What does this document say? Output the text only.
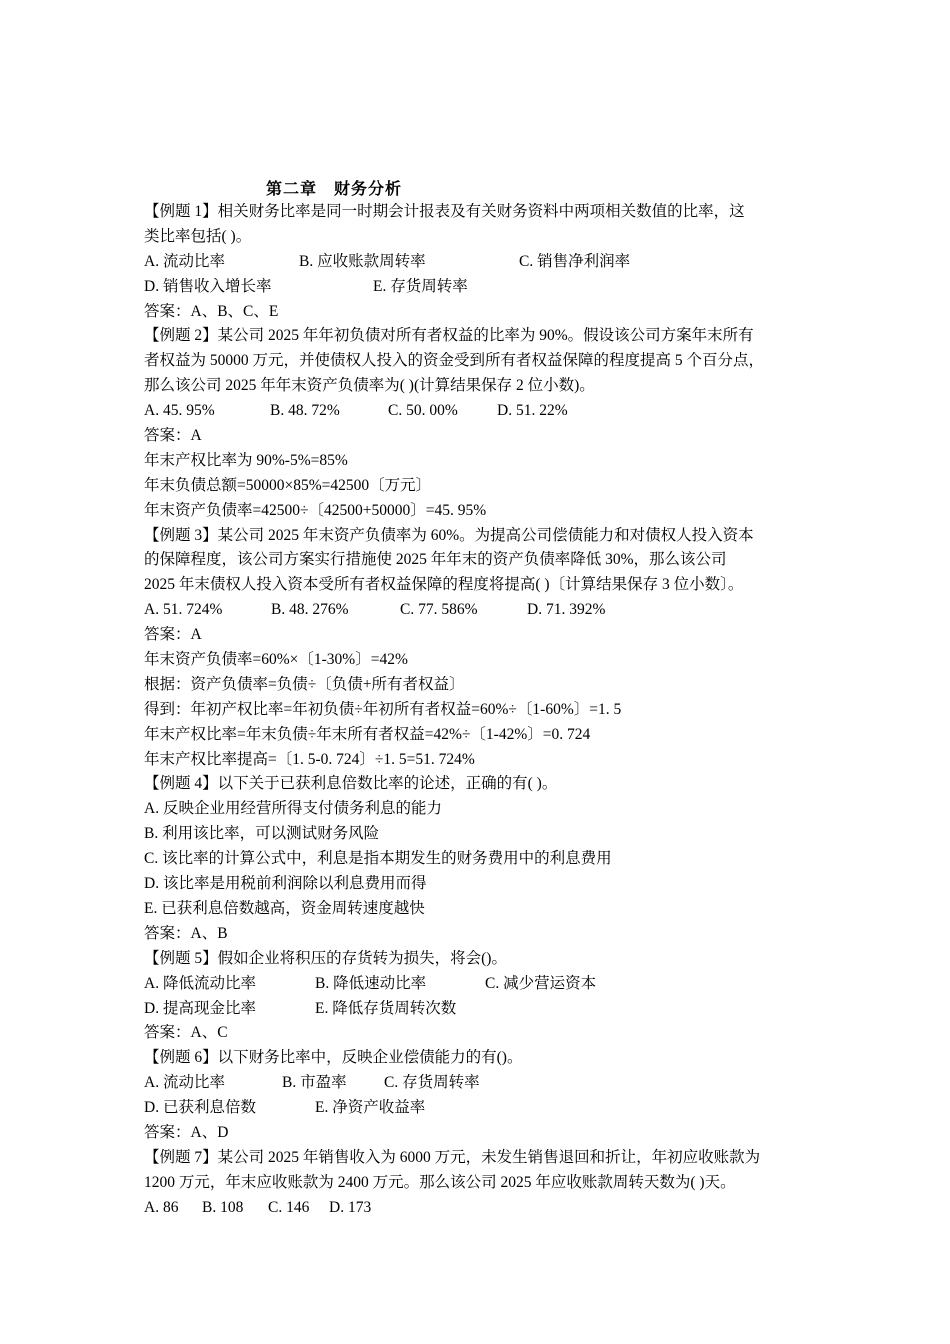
第二章　财务分析
【例题 1】相关财务比率是同一时期会计报表及有关财务资料中两项相关数值的比率，这
类比率包括( )。
A. 流动比率	B. 应收账款周转率	C. 销售净利润率
D. 销售收入增长率	E. 存货周转率
答案：A、B、C、E
【例题 2】某公司 2025 年年初负债对所有者权益的比率为 90%。假设该公司方案年末所有
者权益为 50000 万元，并使债权人投入的资金受到所有者权益保障的程度提高 5 个百分点，
那么该公司 2025 年年末资产负债率为( )(计算结果保存 2 位小数)。
A. 45. 95%	B. 48. 72%	C. 50. 00%	D. 51. 22%
答案：A
年末产权比率为 90%-5%=85%
年末负债总额=50000×85%=42500〔万元〕
年末资产负债率=42500÷〔42500+50000〕=45. 95%
【例题 3】某公司 2025 年末资产负债率为 60%。为提高公司偿债能力和对债权人投入资本
的保障程度，该公司方案实行措施使 2025 年年末的资产负债率降低 30%，那么该公司
2025 年末债权人投入资本受所有者权益保障的程度将提高( )〔计算结果保存 3 位小数〕。
A. 51. 724%	B. 48. 276%	C. 77. 586%	D. 71. 392%
答案：A
年末资产负债率=60%×〔1-30%〕=42%
根据：资产负债率=负债÷〔负债+所有者权益〕
得到：年初产权比率=年初负债÷年初所有者权益=60%÷〔1-60%〕=1. 5
年末产权比率=年末负债÷年末所有者权益=42%÷〔1-42%〕=0. 724
年末产权比率提高=〔1. 5-0. 724〕÷1. 5=51. 724%
【例题 4】以下关于已获利息倍数比率的论述，正确的有( )。
A. 反映企业用经营所得支付债务利息的能力
B. 利用该比率，可以测试财务风险
C. 该比率的计算公式中，利息是指本期发生的财务费用中的利息费用
D. 该比率是用税前利润除以利息费用而得
E. 已获利息倍数越高，资金周转速度越快
答案：A、B
【例题 5】假如企业将积压的存货转为损失，将会()。
A. 降低流动比率	B. 降低速动比率	C. 减少营运资本
D. 提高现金比率	E. 降低存货周转次数
答案：A、C
【例题 6】以下财务比率中，反映企业偿债能力的有()。
A. 流动比率	B. 市盈率 C. 存货周转率
D. 已获利息倍数	E. 净资产收益率
答案：A、D
【例题 7】某公司 2025 年销售收入为 6000 万元，未发生销售退回和折让，年初应收账款为
1200 万元，年末应收账款为 2400 万元。那么该公司 2025 年应收账款周转天数为( )天。
A. 86 B. 108 C. 146 D. 173
